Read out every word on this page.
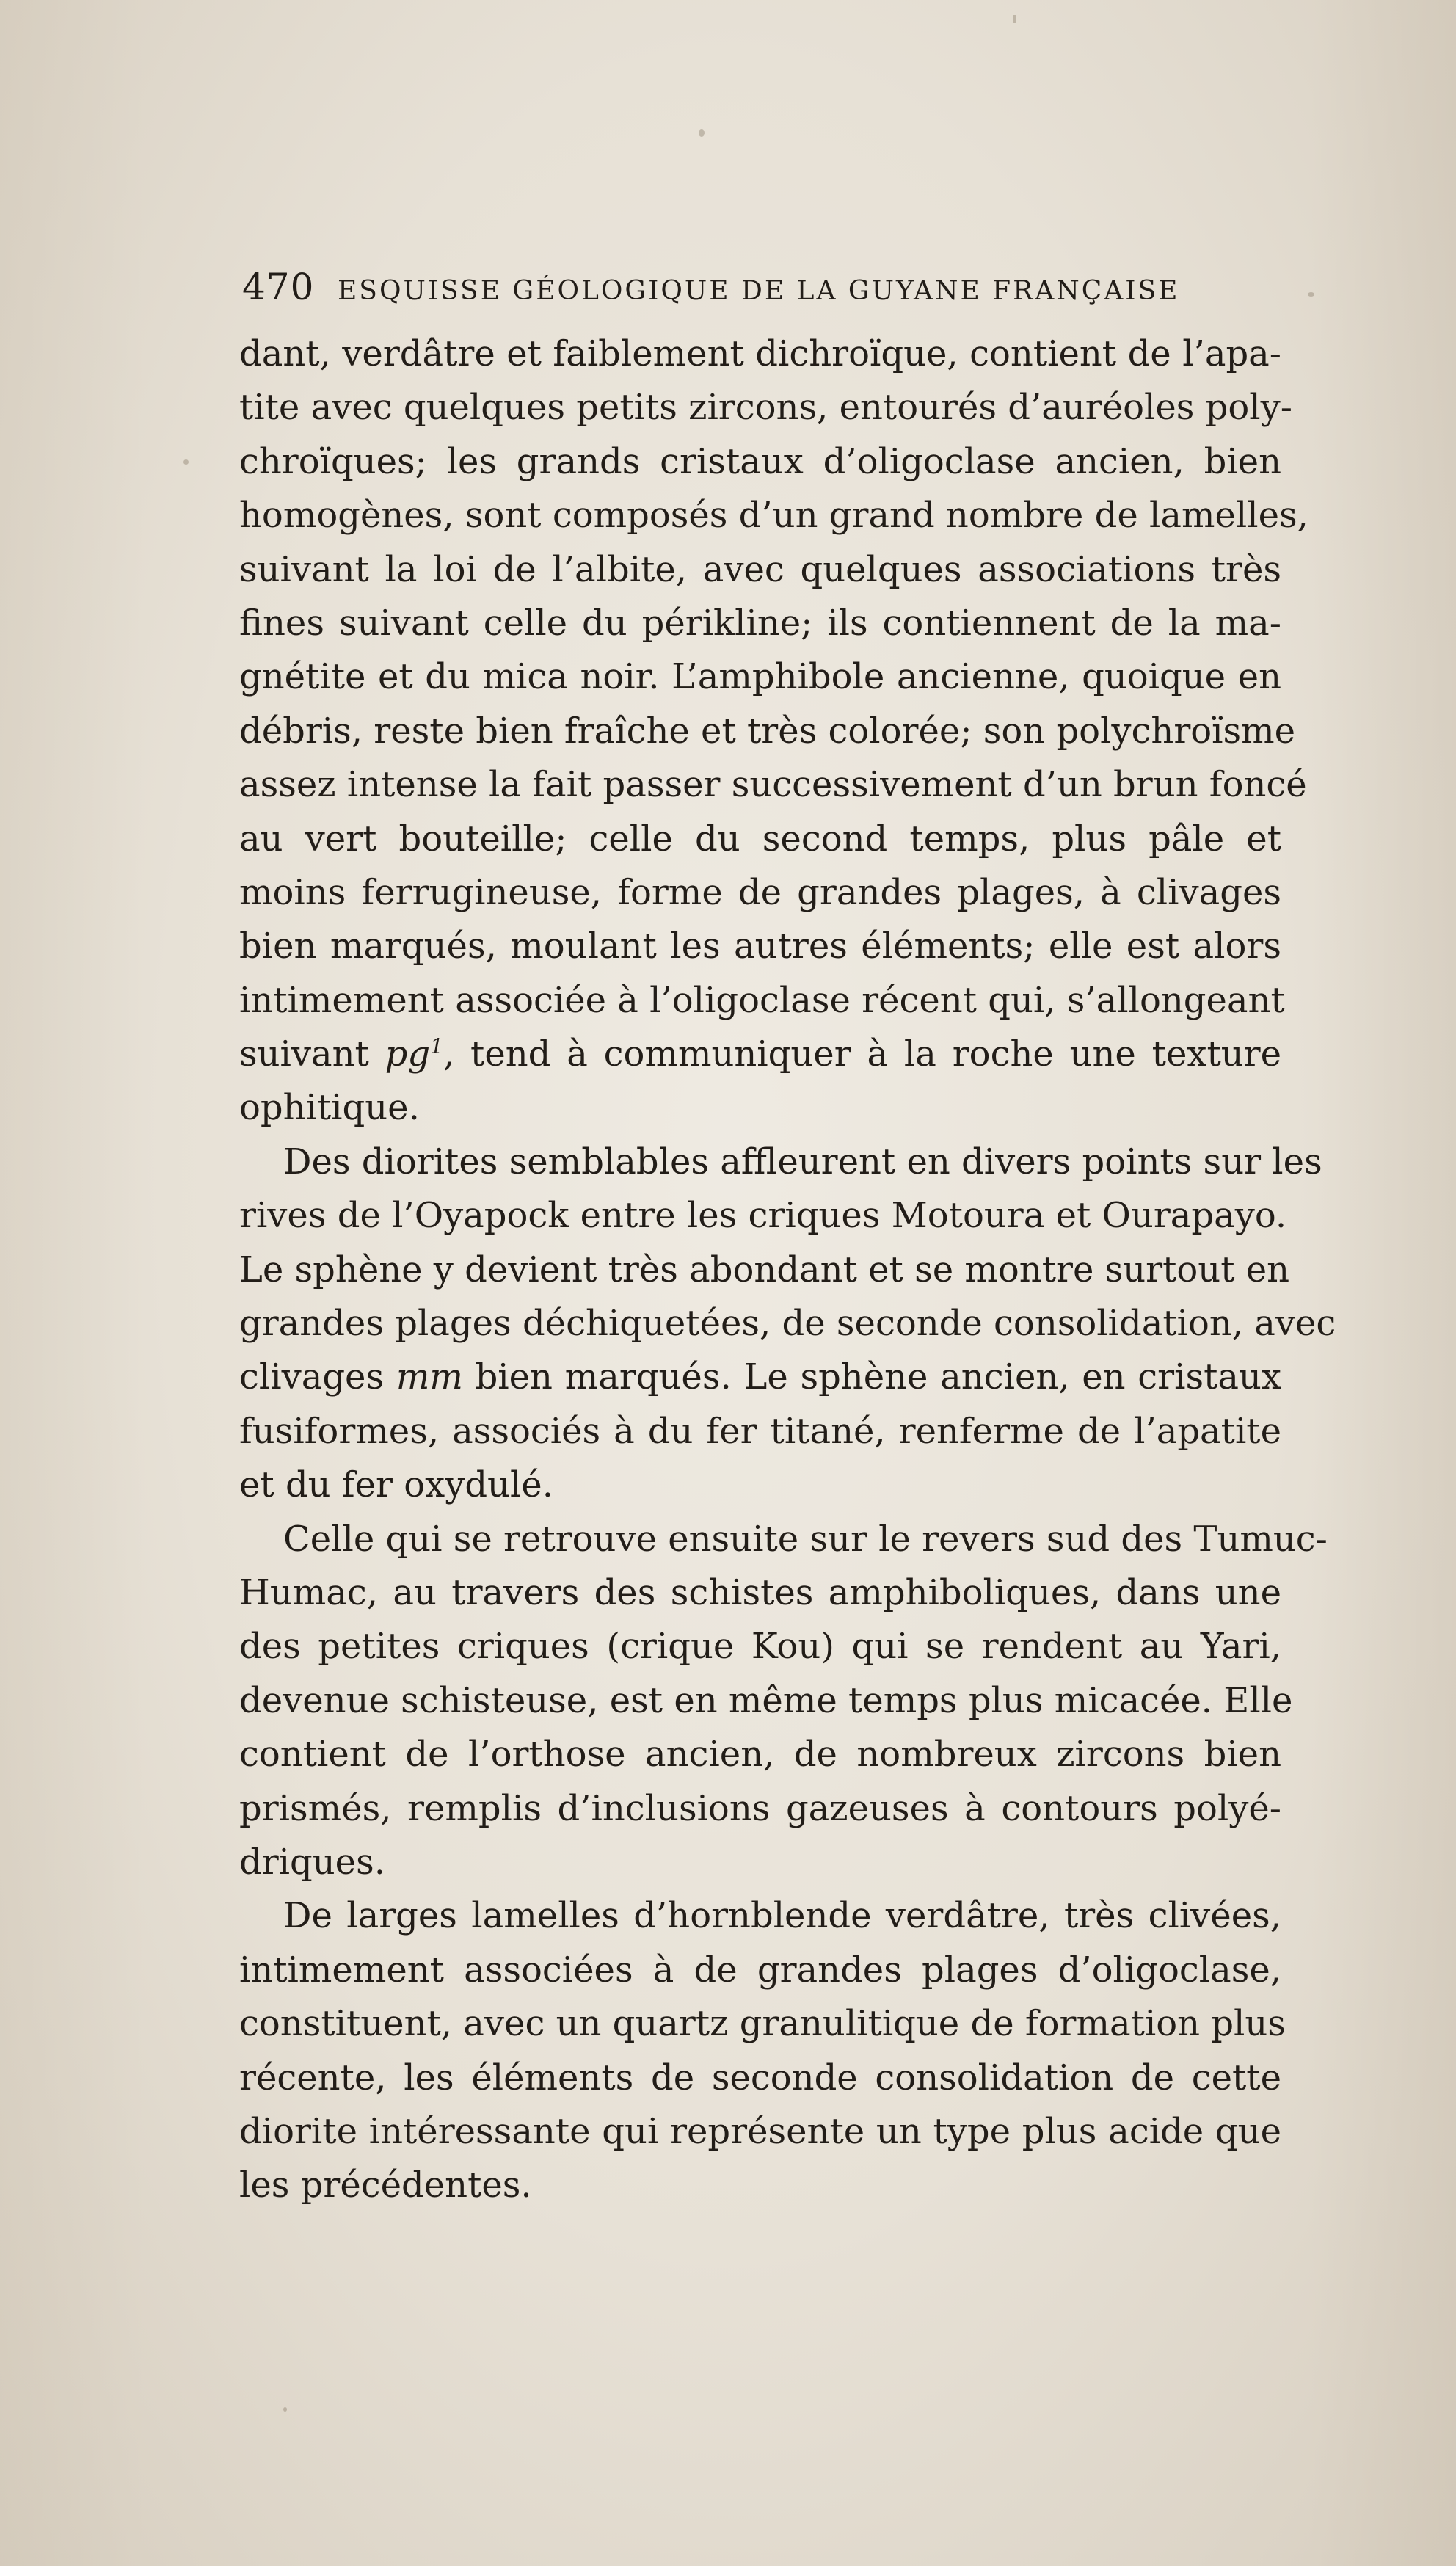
470 ESQUISSE GÉOLOGIQUE DE LA GUYANE FRANÇAISE
dant, verdâtre et faiblement dichroïque, contient de l’apa-
tite avec quelques petits zircons, entourés d’auréoles poly-
chroïques; les grands cristaux d’oligoclase ancien, bien
homogènes, sont composés d’un grand nombre de lamelles,
suivant la loi de l’albite, avec quelques associations très
fines suivant celle du périkline; ils contiennent de la ma-
gnétite et du mica noir. L’amphibole ancienne, quoique en
débris, reste bien fraîche et très colorée; son polychroïsme
assez intense la fait passer successivement d’un brun foncé
au vert bouteille; celle du second temps, plus pâle et
moins ferrugineuse, forme de grandes plages, à clivages
bien marqués, moulant les autres éléments; elle est alors
intimement associée à l’oligoclase récent qui, s’allongeant
suivant $pg^1$, tend à communiquer à la roche une texture
ophitique.
Des diorites semblables affleurent en divers points sur les
rives de l’Oyapock entre les criques Motoura et Ourapayo.
Le sphène y devient très abondant et se montre surtout en
grandes plages déchiquetées, de seconde consolidation, avec
clivages mm bien marqués. Le sphène ancien, en cristaux
fusiformes, associés à du fer titané, renferme de l’apatite
et du fer oxydulé.
Celle qui se retrouve ensuite sur le revers sud des Tumuc-
Humac, au travers des schistes amphiboliques, dans une
des petites criques (crique Kou) qui se rendent au Yari,
devenue schisteuse, est en même temps plus micacée. Elle
contient de l’orthose ancien, de nombreux zircons bien
prismés, remplis d’inclusions gazeuses à contours polyé-
driques.
De larges lamelles d’hornblende verdâtre, très clivées,
intimement associées à de grandes plages d’oligoclase,
constituent, avec un quartz granulitique de formation plus
récente, les éléments de seconde consolidation de cette
diorite intéressante qui représente un type plus acide que
les précédentes.
